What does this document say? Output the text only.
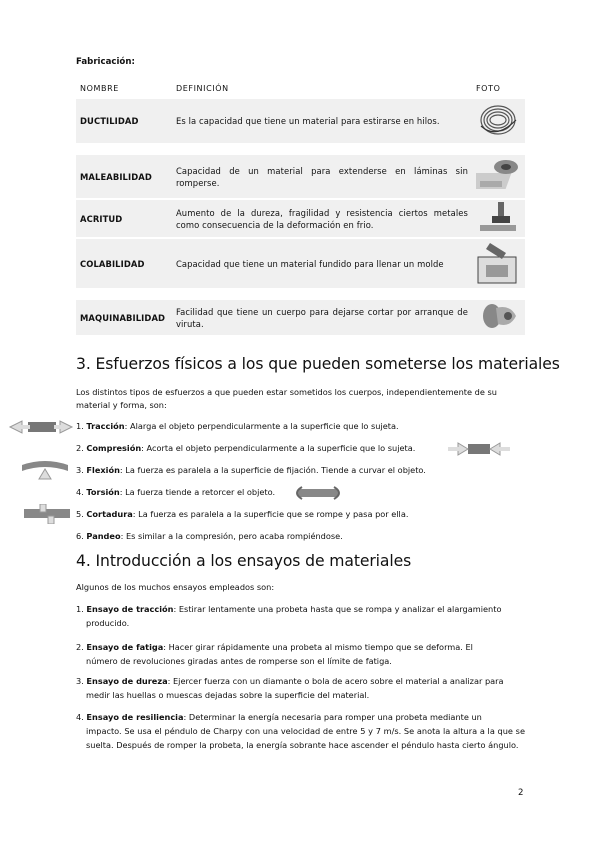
Fabricación:
NOMBRE	DEFINICIÓN	FOTO
DUCTILIDAD	Es la capacidad que tiene un material para estirarse en hilos.	

MALEABILIDAD	Capacidad de un material para extenderse en láminas sin romperse.	
ACRITUD	Aumento de la dureza, fragilidad y resistencia ciertos metales como consecuencia de la deformación en frio.	
COLABILIDAD	Capacidad que tiene un material fundido para llenar un molde	

MAQUINABILIDAD	Facilidad que tiene un cuerpo para dejarse cortar por arranque de viruta.	
3. Esfuerzos físicos a los que pueden someterse los materiales

Los distintos tipos de esfuerzos a que pueden estar sometidos los cuerpos, independientemente de su material y forma, son:

1. Tracción: Alarga el objeto perpendicularmente a la superficie que lo sujeta.
2. Compresión: Acorta el objeto perpendicularmente a la superficie que lo sujeta.
3. Flexión: La fuerza es paralela a la superficie de fijación. Tiende a curvar el objeto.
4. Torsión: La fuerza tiende a retorcer el objeto.
5. Cortadura: La fuerza es paralela a la superficie que se rompe y pasa por ella.
6. Pandeo: Es similar a la compresión, pero acaba rompiéndose.
4. Introducción a los ensayos de materiales

Algunos de los muchos ensayos empleados son:

1. Ensayo de tracción: Estirar lentamente una probeta hasta que se rompa y analizar el alargamiento
producido.
2. Ensayo de fatiga: Hacer girar rápidamente una probeta al mismo tiempo que se deforma. El
número de revoluciones giradas antes de romperse son el límite de fatiga.
3. Ensayo de dureza: Ejercer fuerza con un diamante o bola de acero sobre el material a analizar para
medir las huellas o muescas dejadas sobre la superficie del material.
4. Ensayo de resiliencia: Determinar la energía necesaria para romper una probeta mediante un
impacto. Se usa el péndulo de Charpy con una velocidad de entre 5 y 7 m/s. Se anota la altura a la que se suelta. Después de romper la probeta, la energía sobrante hace ascender el péndulo hasta cierto ángulo.
2
